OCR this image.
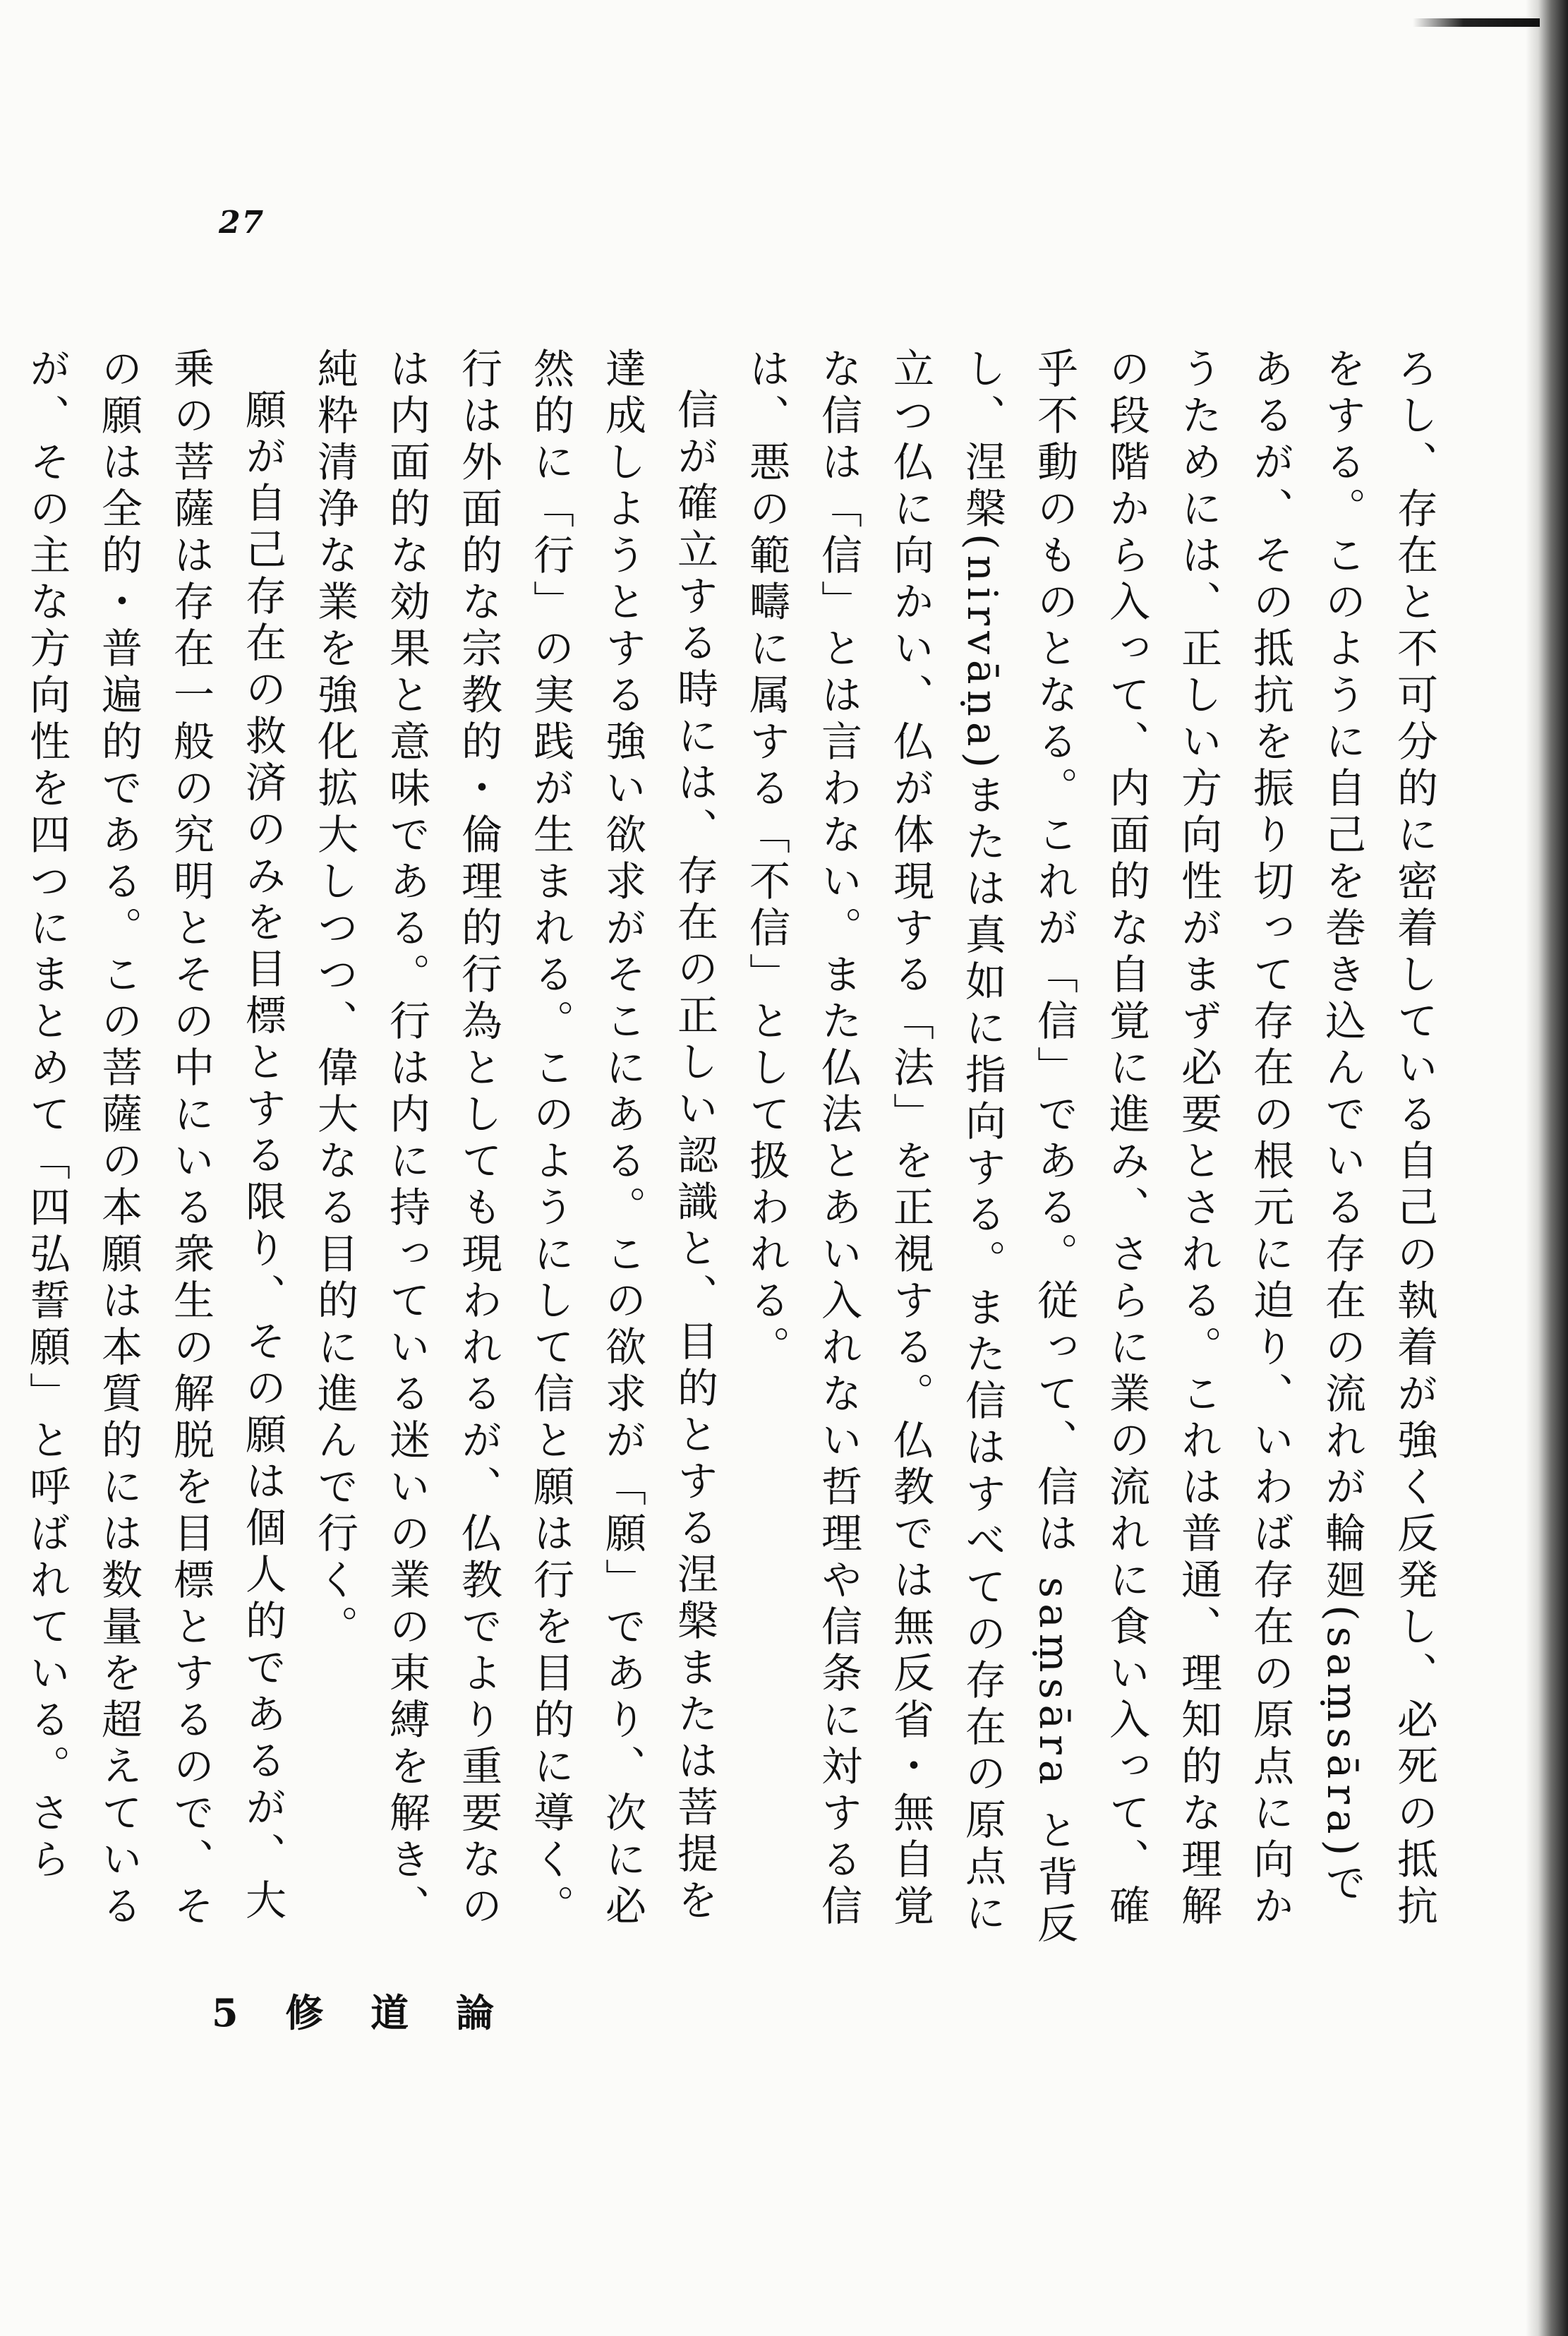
27

ろし、存在と不可分的に密着している自己の執着が強く反発し、必死の抵抗をする。このように自己を巻き込んでいる存在の流れが輪廻(saṃsāra)であるが、その抵抗を振り切って存在の根元に迫り、いわば存在の原点に向かうためには、正しい方向性がまず必要とされる。これは普通、理知的な理解の段階から入って、内面的な自覚に進み、さらに業の流れに食い入って、確乎不動のものとなる。これが「信」である。従って、信は saṃsāra と背反し、涅槃(nirvāṇa)または真如に指向する。また信はすべての存在の原点に立つ仏に向かい、仏が体現する「法」を正視する。仏教では無反省・無自覚な信は「信」とは言わない。また仏法とあい入れない哲理や信条に対する信は、悪の範疇に属する「不信」として扱われる。

信が確立する時には、存在の正しい認識と、目的とする涅槃または菩提を達成しようとする強い欲求がそこにある。この欲求が「願」であり、次に必然的に「行」の実践が生まれる。このようにして信と願は行を目的に導く。行は外面的な宗教的・倫理的行為としても現われるが、仏教でより重要なのは内面的な効果と意味である。行は内に持っている迷いの業の束縛を解き、純粋清浄な業を強化拡大しつつ、偉大なる目的に進んで行く。

願が自己存在の救済のみを目標とする限り、その願は個人的であるが、大乗の菩薩は存在一般の究明とその中にいる衆生の解脱を目標とするので、その願は全的・普遍的である。この菩薩の本願は本質的には数量を超えているが、その主な方向性を四つにまとめて「四弘誓願」と呼ばれている。さら

5 修 道 論
